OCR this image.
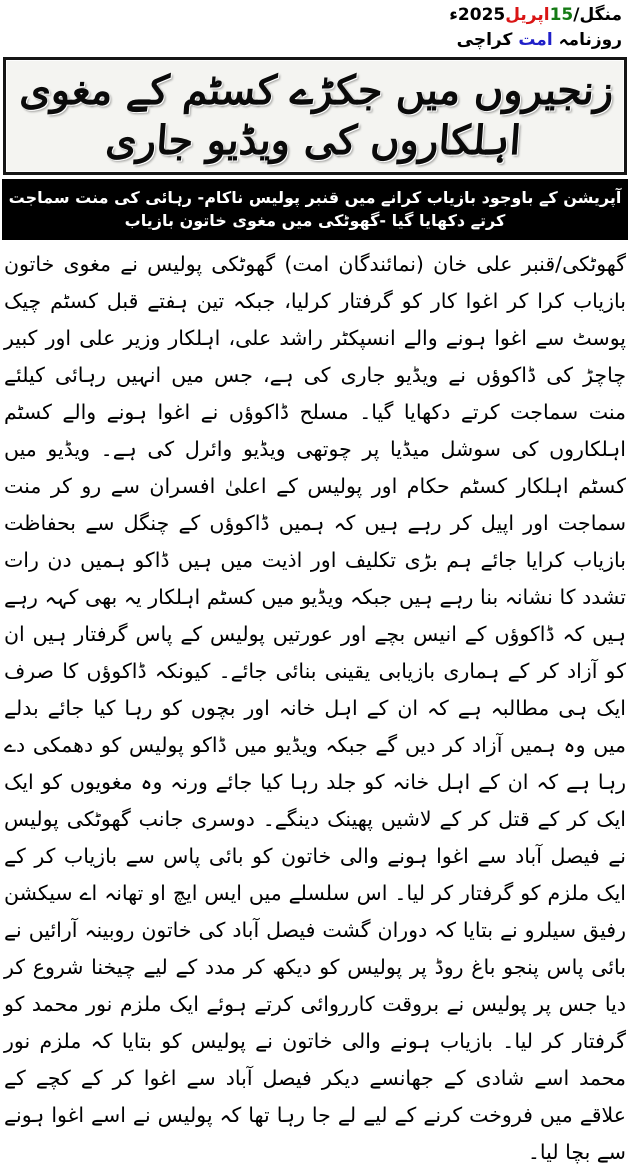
منگل/15اپریل2025ء
روزنامہ امت کراچی
زنجیروں میں جکڑے کسٹم کے مغوی اہلکاروں کی ویڈیو جاری
آپریشن کے باوجود بازیاب کرانے میں قنبر پولیس ناکام- رہائی کی منت سماجت کرتے دکھایا گیا -گھوٹکی میں مغوی خاتون بازیاب

گھوٹکی/قنبر علی خان (نمائندگان امت) گھوٹکی پولیس نے مغوی خاتون بازیاب کرا کر اغوا کار کو گرفتار کرلیا، جبکہ تین ہفتے قبل کسٹم چیک پوسٹ سے اغوا ہونے والے انسپکٹر راشد علی، اہلکار وزیر علی اور کبیر چاچڑ کی ڈاکوؤں نے ویڈیو جاری کی ہے، جس میں انہیں رہائی کیلئے منت سماجت کرتے دکھایا گیا۔ مسلح ڈاکوؤں نے اغوا ہونے والے کسٹم اہلکاروں کی سوشل میڈیا پر چوتھی ویڈیو وائرل کی ہے۔ ویڈیو میں کسٹم اہلکار کسٹم حکام اور پولیس کے اعلیٰ افسران سے رو کر منت سماجت اور اپیل کر رہے ہیں کہ ہمیں ڈاکوؤں کے چنگل سے بحفاظت بازیاب کرایا جائے ہم بڑی تکلیف اور اذیت میں ہیں ڈاکو ہمیں دن رات تشدد کا نشانہ بنا رہے ہیں جبکہ ویڈیو میں کسٹم اہلکار یہ بھی کہہ رہے ہیں کہ ڈاکوؤں کے انیس بچے اور عورتیں پولیس کے پاس گرفتار ہیں ان کو آزاد کر کے ہماری بازیابی یقینی بنائی جائے۔ کیونکہ ڈاکوؤں کا صرف ایک ہی مطالبہ ہے کہ ان کے اہل خانہ اور بچوں کو رہا کیا جائے بدلے میں وہ ہمیں آزاد کر دیں گے جبکہ ویڈیو میں ڈاکو پولیس کو دھمکی دے رہا ہے کہ ان کے اہل خانہ کو جلد رہا کیا جائے ورنہ وہ مغویوں کو ایک ایک کر کے قتل کر کے لاشیں پھینک دینگے۔ دوسری جانب گھوٹکی پولیس نے فیصل آباد سے اغوا ہونے والی خاتون کو بائی پاس سے بازیاب کر کے ایک ملزم کو گرفتار کر لیا۔ اس سلسلے میں ایس ایچ او تھانہ اے سیکشن رفیق سیلرو نے بتایا کہ دوران گشت فیصل آباد کی خاتون روبینہ آرائیں نے بائی پاس پنجو باغ روڈ پر پولیس کو دیکھ کر مدد کے لیے چیخنا شروع کر دیا جس پر پولیس نے بروقت کارروائی کرتے ہوئے ایک ملزم نور محمد کو گرفتار کر لیا۔ بازیاب ہونے والی خاتون نے پولیس کو بتایا کہ ملزم نور محمد اسے شادی کے جھانسے دیکر فیصل آباد سے اغوا کر کے کچے کے علاقے میں فروخت کرنے کے لیے لے جا رہا تھا کہ پولیس نے اسے اغوا ہونے سے بچا لیا۔
